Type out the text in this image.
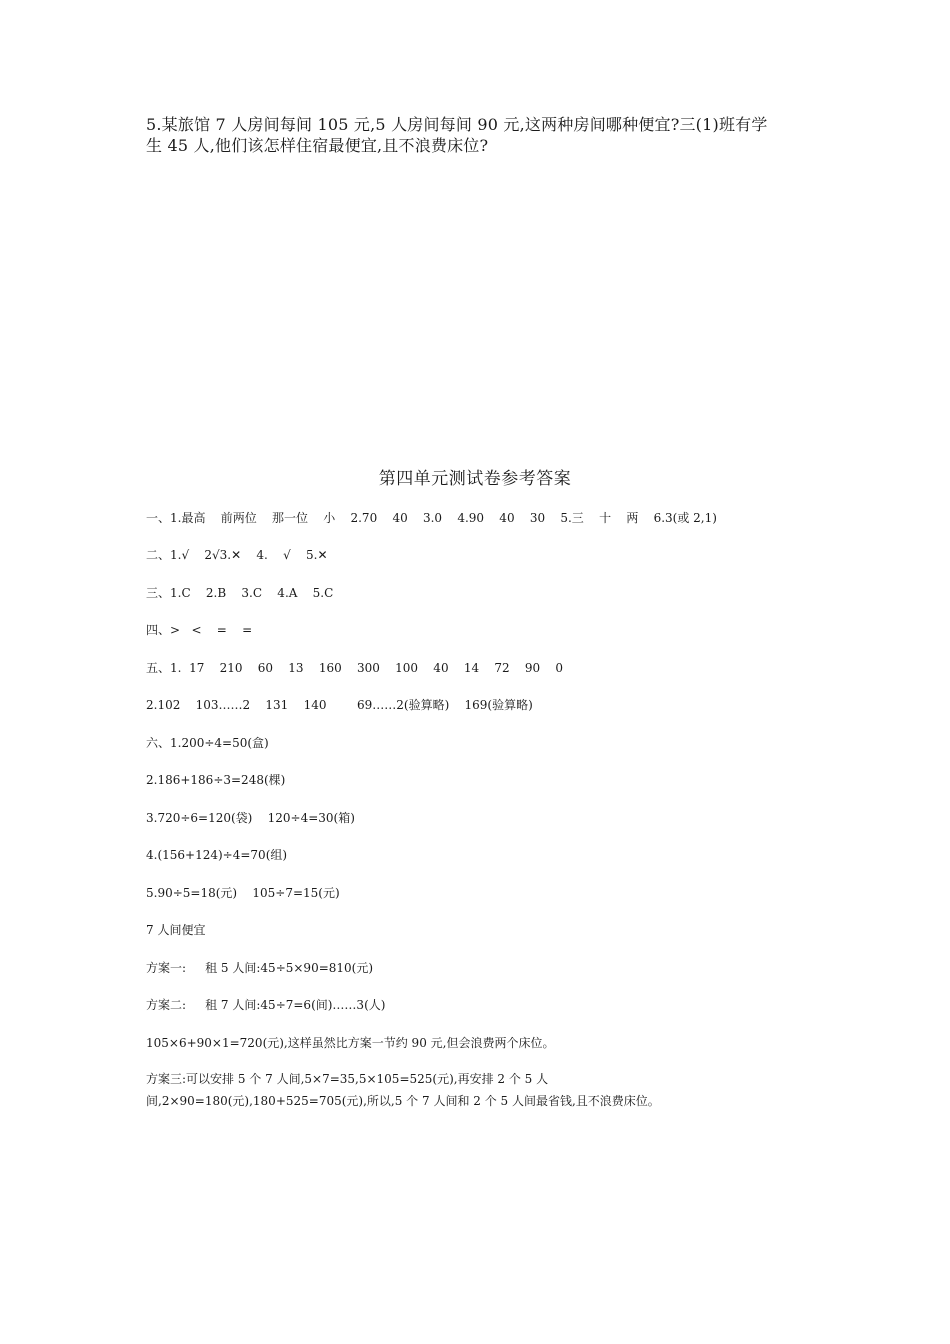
5.某旅馆 7 人房间每间 105 元,5 人房间每间 90 元,这两种房间哪种便宜?三(1)班有学
生 45 人,他们该怎样住宿最便宜,且不浪费床位?
第四单元测试卷参考答案
一、1.最高    前两位    那一位    小    2.70    40    3.0    4.90    40    30    5.三    十    两    6.3(或 2,1)
二、1.√    2√3.✕    4.    √    5.✕
三、1.C    2.B    3.C    4.A    5.C
四、>   <    =    =
五、1.  17    210    60    13    160    300    100    40    14    72    90    0
2.102    103……2    131    140        69……2(验算略)    169(验算略)
六、1.200÷4=50(盒)
2.186+186÷3=248(棵)
3.720÷6=120(袋)    120÷4=30(箱)
4.(156+124)÷4=70(组)
5.90÷5=18(元)    105÷7=15(元)
7 人间便宜
方案一:     租 5 人间:45÷5×90=810(元)
方案二:     租 7 人间:45÷7=6(间)……3(人)
105×6+90×1=720(元),这样虽然比方案一节约 90 元,但会浪费两个床位。
方案三:可以安排 5 个 7 人间,5×7=35,5×105=525(元),再安排 2 个 5 人
间,2×90=180(元),180+525=705(元),所以,5 个 7 人间和 2 个 5 人间最省钱,且不浪费床位。
